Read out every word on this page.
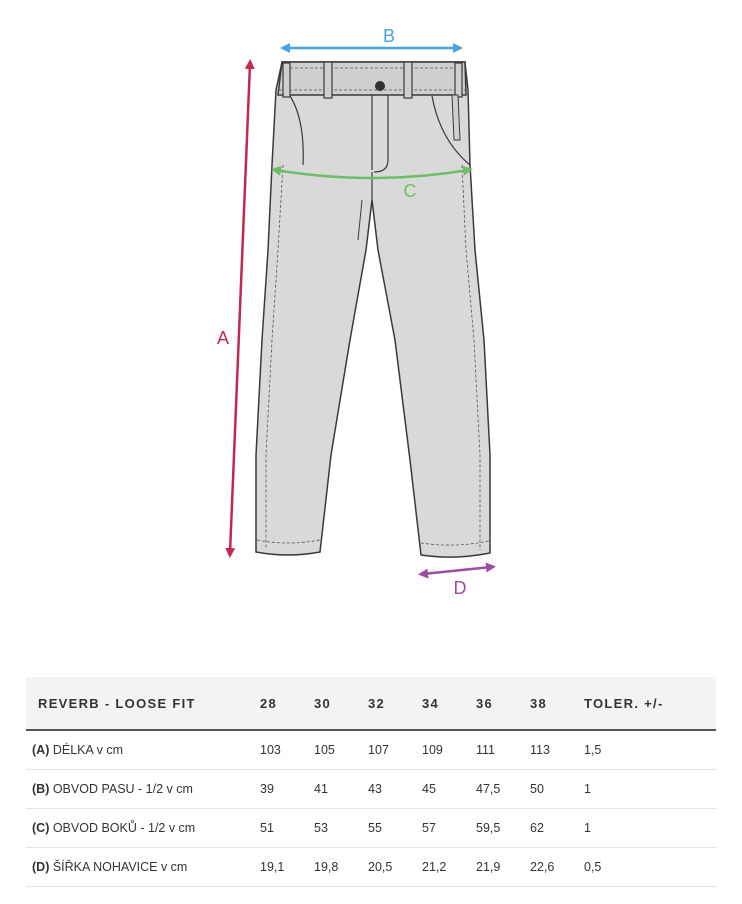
A
B
C
D
REVERB - LOOSE FIT	28	30	32	34	36	38	TOLER. +/-
(A) DÉLKA v cm	103	105	107	109	111	113	1,5
(B) OBVOD PASU - 1/2 v cm	39	41	43	45	47,5	50	1
(C) OBVOD BOKŮ - 1/2 v cm	51	53	55	57	59,5	62	1
(D) ŠÍŘKA NOHAVICE v cm	19,1	19,8	20,5	21,2	21,9	22,6	0,5
